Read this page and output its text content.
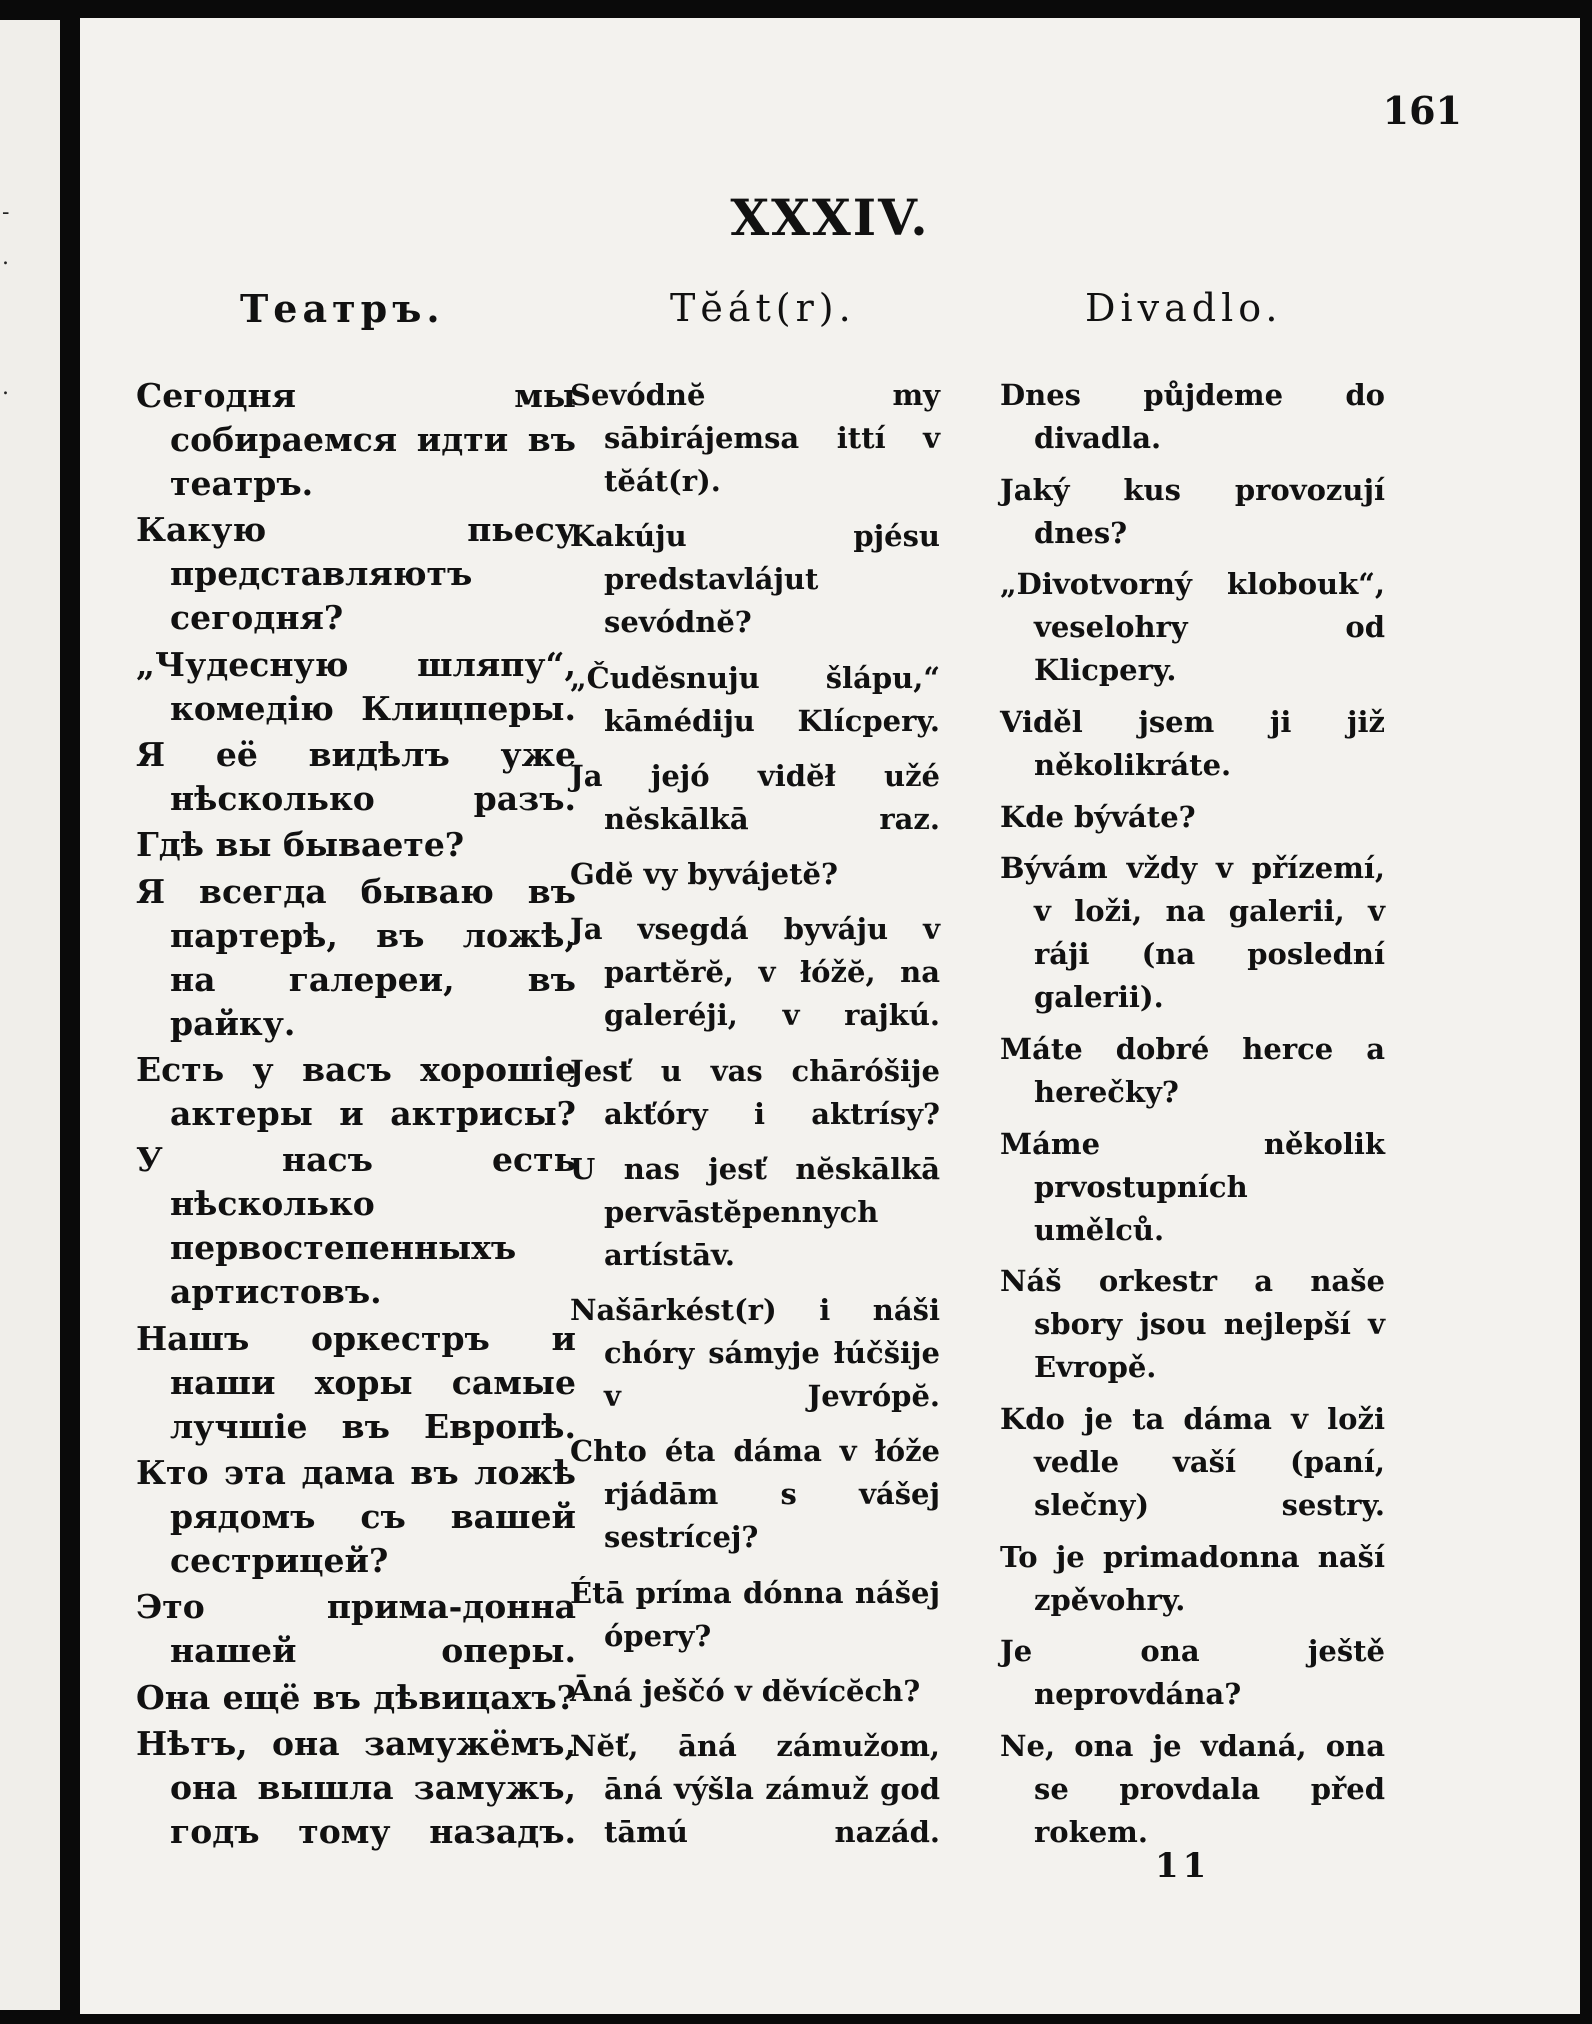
-
.
.
161
XXXIV.
Театръ.	Tĕát(r).	Divadlo.
Сегодня мы собираемся идти въ театръ.
Какую пьесу представляютъ сегодня?
„Чудесную шляпу“, комедію Клицперы.
Я её видѣлъ уже нѣсколько разъ.
Гдѣ вы бываете?
Я всегда бываю въ партерѣ, въ ложѣ, на галереи, въ райку.
Есть у васъ хорошіе актеры и актрисы?
У насъ есть нѣсколько первостепенныхъ артистовъ.
Нашъ оркестръ и наши хоры самые лучшіе въ Европѣ.
Кто эта дама въ ложѣ рядомъ съ вашей сестрицей?
Это прима-донна нашей оперы.
Она ещё въ дѣвицахъ?
Нѣтъ, она замужёмъ, она вышла замужъ, годъ тому назадъ.
Sevódnĕ my sābirájemsa ittí v tĕát(r).
Kakúju pjésu predstavlájut sevódnĕ?
„Čudĕsnuju šlápu,“ kāmédiju Klícpery.
Ja jejó vidĕł užé nĕskālkā raz.
Gdĕ vy byvájetĕ?
Ja vsegdá byváju v partĕrĕ, v łóžĕ, na galeréji, v rajkú.
Jesť u vas chāróšije akťóry i aktrísy?
U nas jesť nĕskālkā pervāstĕpennych artístāv.
Našārkést(r) i náši chóry sámyje łúčšije v Jevrópĕ.
Chto éta dáma v łóže rjádām s vášej sestrícej?
Étā príma dónna nášej ópery?
Āná ješčó v dĕvícĕch?
Nĕť, āná zámužom, āná výšla zámuž god tāmú nazád.
Dnes půjdeme do divadla.
Jaký kus provozují dnes?
„Divotvorný klobouk“, veselohry od Klicpery.
Viděl jsem ji již několikráte.
Kde býváte?
Bývám vždy v přízemí, v loži, na galerii, v ráji (na poslední galerii).
Máte dobré herce a herečky?
Máme několik prvostupních umělců.
Náš orkestr a naše sbory jsou nejlepší v Evropě.
Kdo je ta dáma v loži vedle vaší (paní, slečny) sestry.
To je primadonna naší zpěvohry.
Je ona ještě neprovdána?
Ne, ona je vdaná, ona se provdala před rokem.
11
